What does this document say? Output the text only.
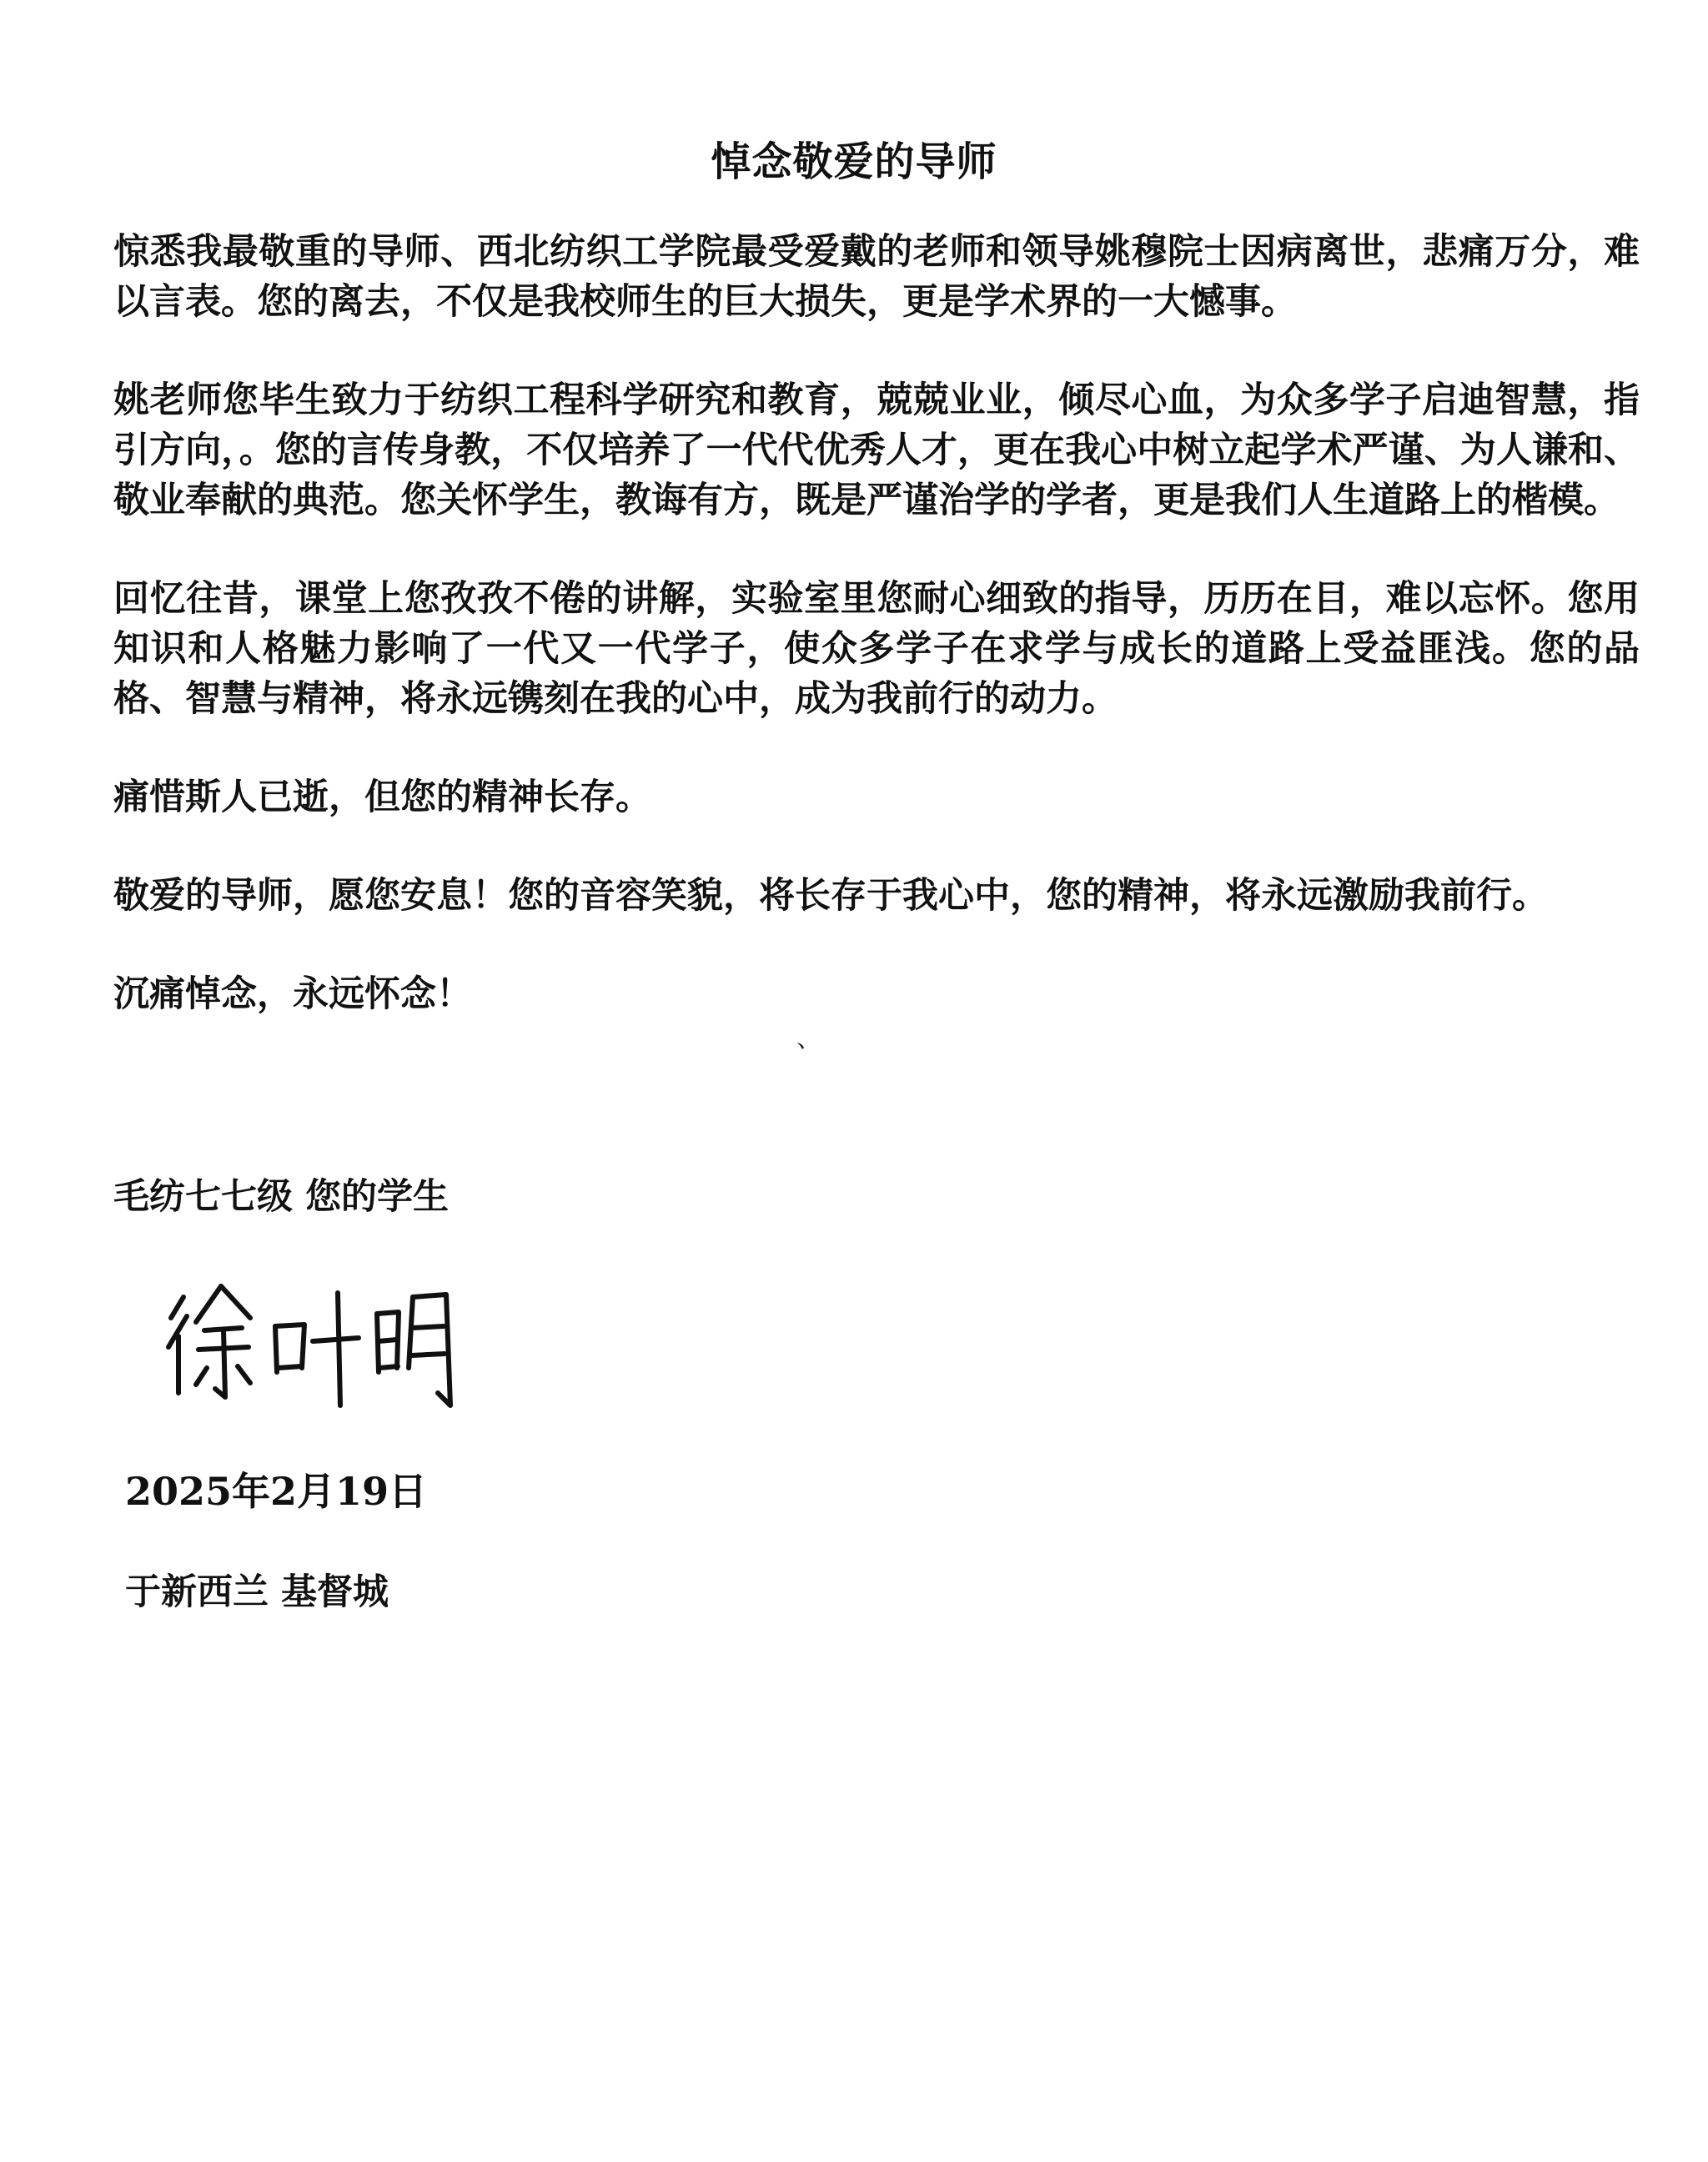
悼念敬爱的导师

惊悉我最敬重的导师、西北纺织工学院最受爱戴的老师和领导姚穆院士因病离世，悲痛万分，难以言表。您的离去，不仅是我校师生的巨大损失，更是学术界的一大憾事。

姚老师您毕生致力于纺织工程科学研究和教育，兢兢业业，倾尽心血，为众多学子启迪智慧，指引方向，。您的言传身教，不仅培养了一代代优秀人才，更在我心中树立起学术严谨、为人谦和、敬业奉献的典范。您关怀学生，教诲有方，既是严谨治学的学者，更是我们人生道路上的楷模。

回忆往昔，课堂上您孜孜不倦的讲解，实验室里您耐心细致的指导，历历在目，难以忘怀。您用知识和人格魅力影响了一代又一代学子，使众多学子在求学与成长的道路上受益匪浅。您的品格、智慧与精神，将永远镌刻在我的心中，成为我前行的动力。

痛惜斯人已逝，但您的精神长存。

敬爱的导师，愿您安息！您的音容笑貌，将长存于我心中，您的精神，将永远激励我前行。

沉痛悼念，永远怀念！

、
毛纺七七级 您的学生
2025年2月19日
于新西兰 基督城
